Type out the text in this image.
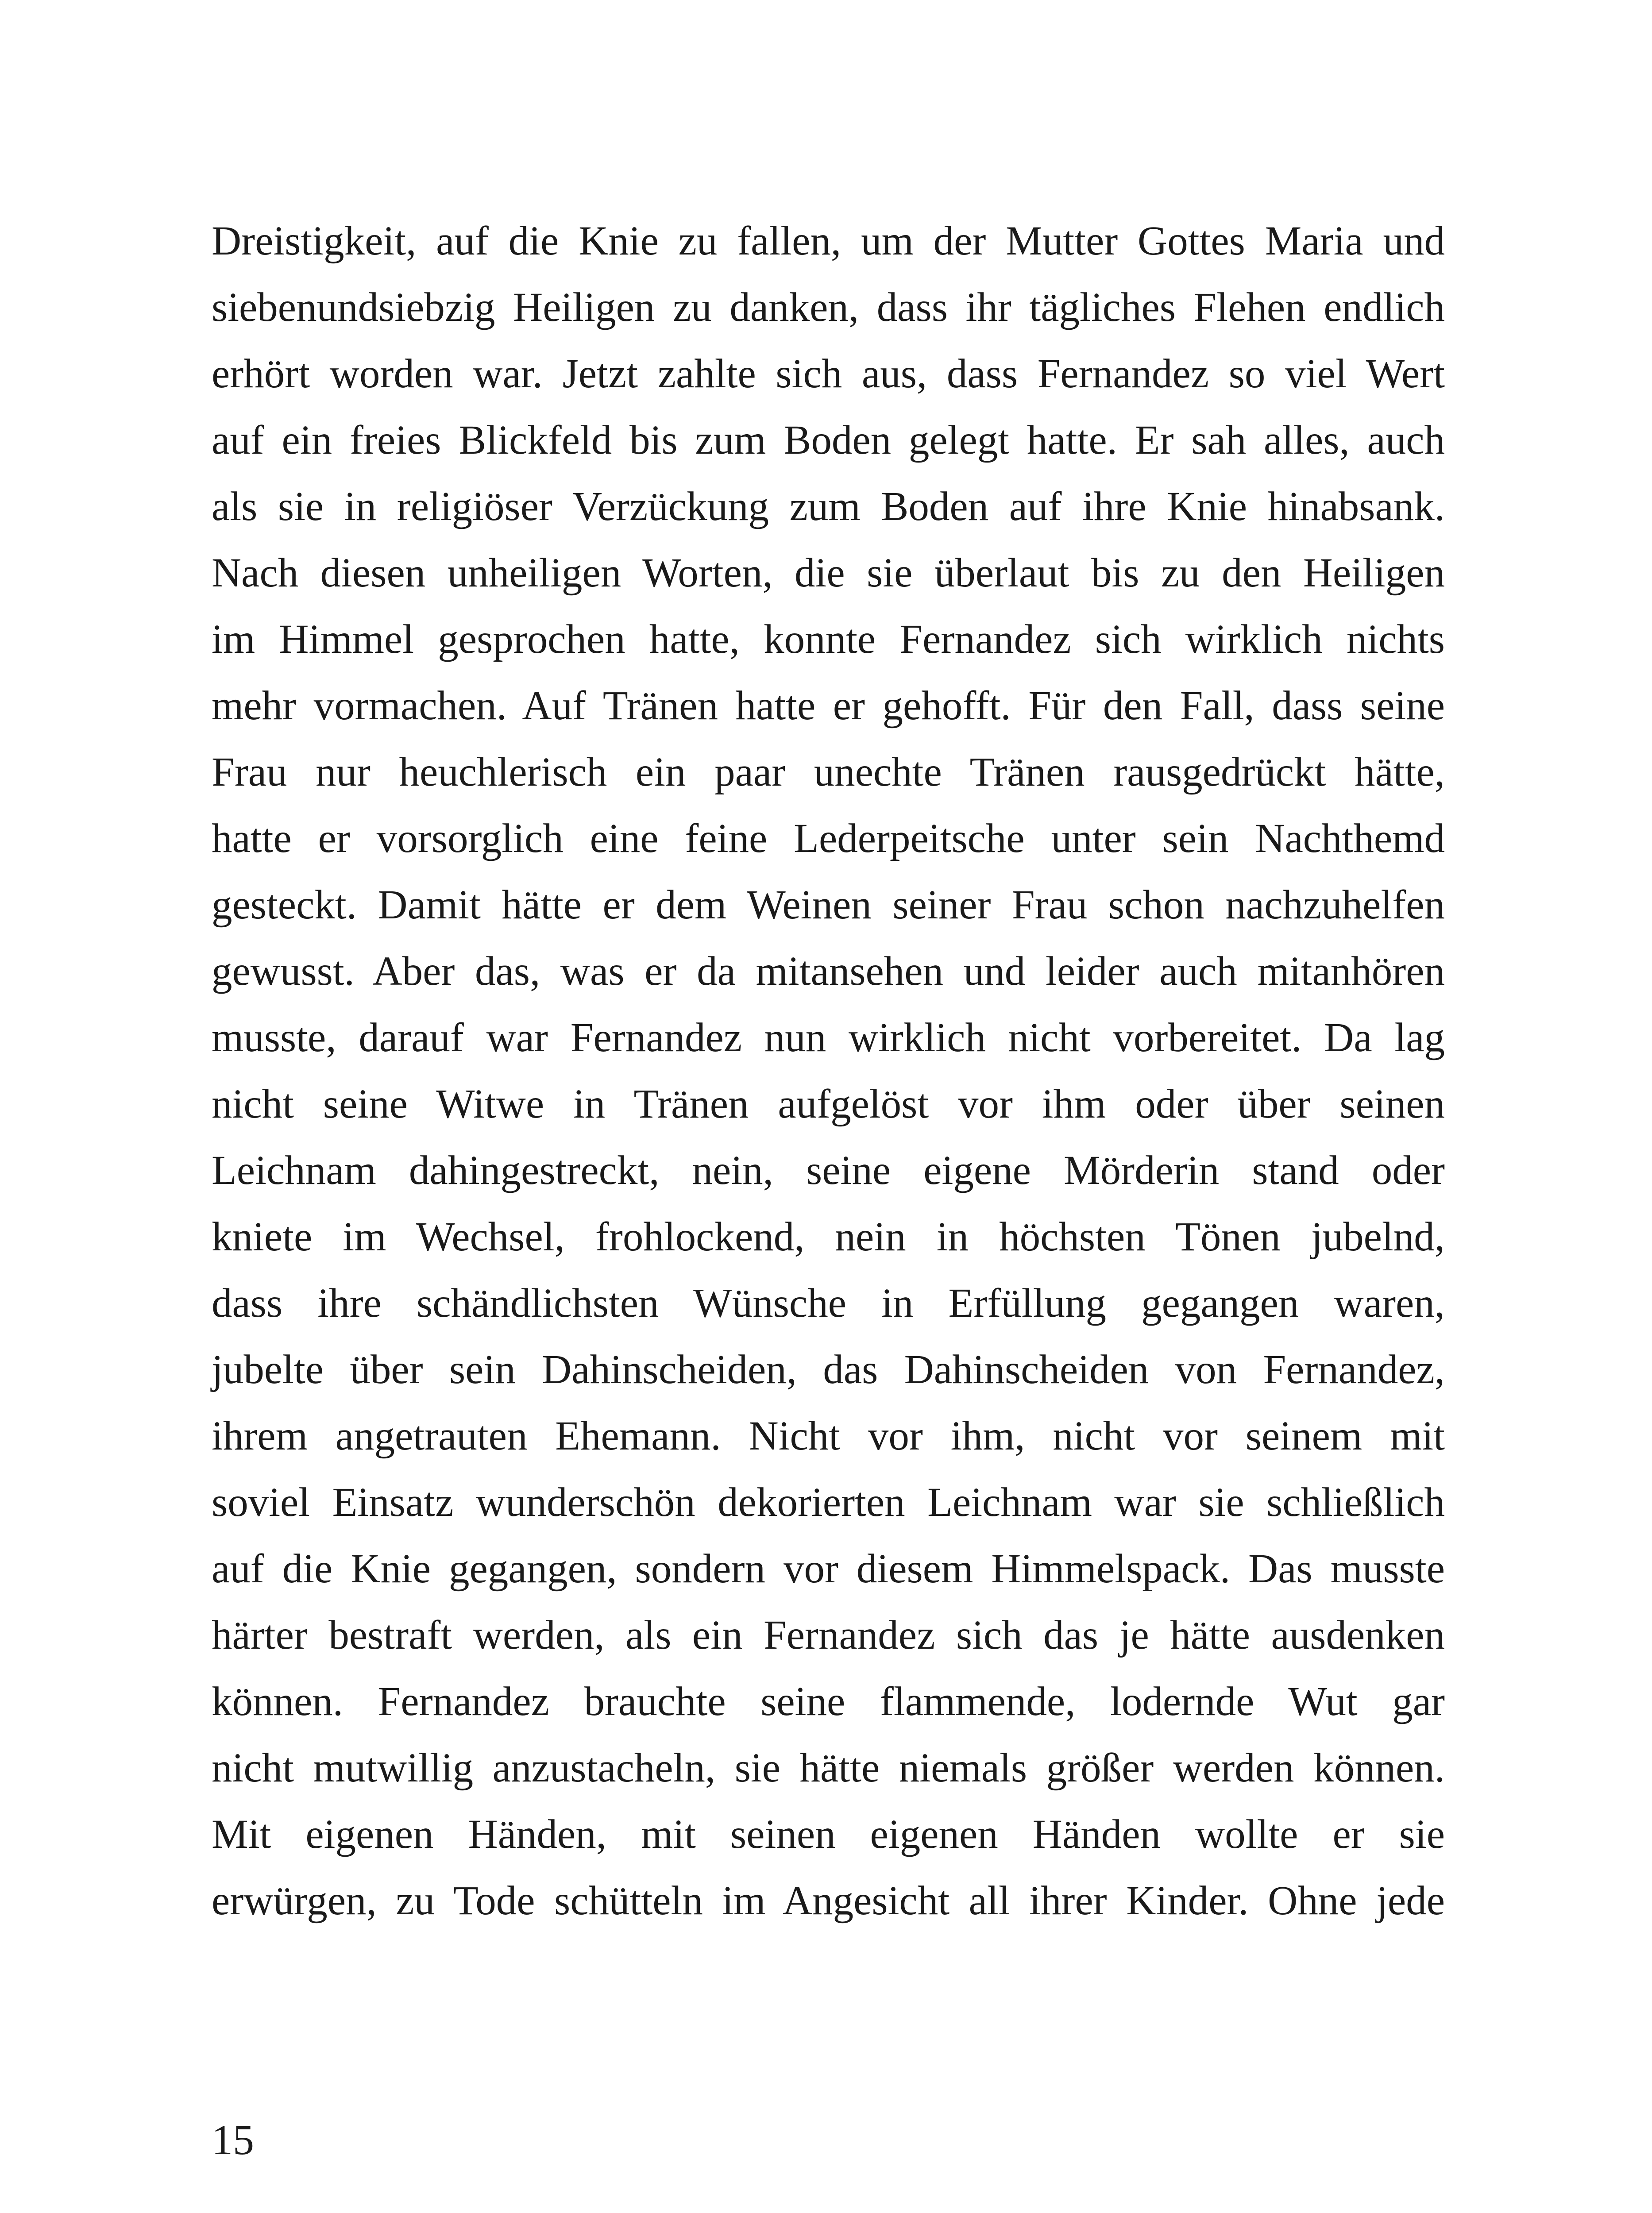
Dreistigkeit, auf die Knie zu fallen, um der Mutter Gottes Maria und
siebenundsiebzig Heiligen zu danken, dass ihr tägliches Flehen endlich
erhört worden war. Jetzt zahlte sich aus, dass Fernandez so viel Wert
auf ein freies Blickfeld bis zum Boden gelegt hatte. Er sah alles, auch
als sie in religiöser Verzückung zum Boden auf ihre Knie hinabsank.
Nach diesen unheiligen Worten, die sie überlaut bis zu den Heiligen
im Himmel gesprochen hatte, konnte Fernandez sich wirklich nichts
mehr vormachen. Auf Tränen hatte er gehofft. Für den Fall, dass seine
Frau nur heuchlerisch ein paar unechte Tränen rausgedrückt hätte,
hatte er vorsorglich eine feine Lederpeitsche unter sein Nachthemd
gesteckt. Damit hätte er dem Weinen seiner Frau schon nachzuhelfen
gewusst. Aber das, was er da mitansehen und leider auch mitanhören
musste, darauf war Fernandez nun wirklich nicht vorbereitet. Da lag
nicht seine Witwe in Tränen aufgelöst vor ihm oder über seinen
Leichnam dahingestreckt, nein, seine eigene Mörderin stand oder
kniete im Wechsel, frohlockend, nein in höchsten Tönen jubelnd,
dass ihre schändlichsten Wünsche in Erfüllung gegangen waren,
jubelte über sein Dahinscheiden, das Dahinscheiden von Fernandez,
ihrem angetrauten Ehemann. Nicht vor ihm, nicht vor seinem mit
soviel Einsatz wunderschön dekorierten Leichnam war sie schließlich
auf die Knie gegangen, sondern vor diesem Himmelspack. Das musste
härter bestraft werden, als ein Fernandez sich das je hätte ausdenken
können. Fernandez brauchte seine flammende, lodernde Wut gar
nicht mutwillig anzustacheln, sie hätte niemals größer werden können.
Mit eigenen Händen, mit seinen eigenen Händen wollte er sie
erwürgen, zu Tode schütteln im Angesicht all ihrer Kinder. Ohne jede
15
